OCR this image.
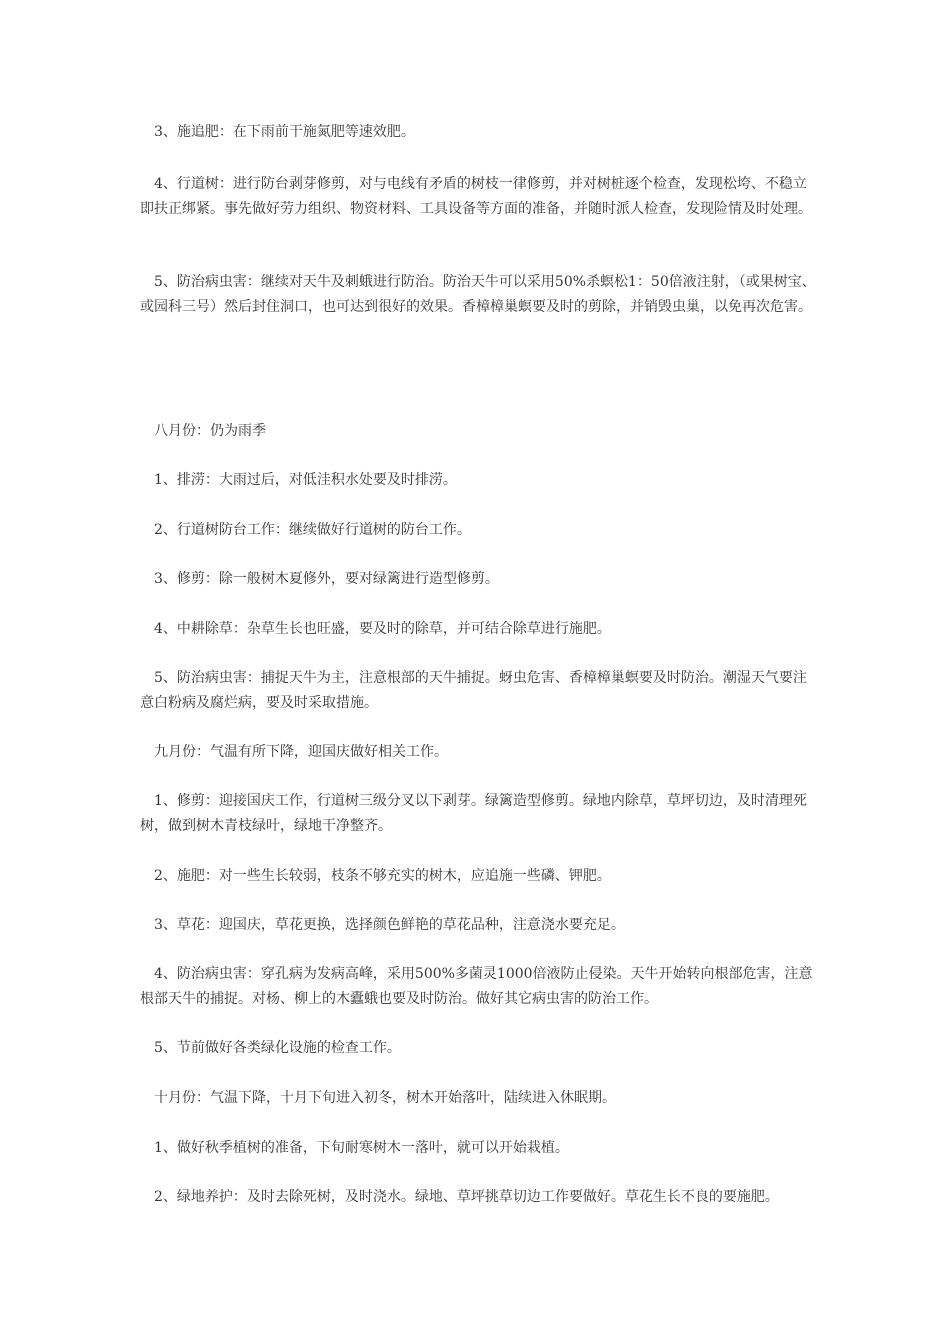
3、施追肥：在下雨前干施氮肥等速效肥。

4、行道树：进行防台剥芽修剪，对与电线有矛盾的树枝一律修剪，并对树桩逐个检查，发现松垮、不稳立即扶正绑紧。事先做好劳力组织、物资材料、工具设备等方面的准备，并随时派人检查，发现险情及时处理。

5、防治病虫害：继续对天牛及刺蛾进行防治。防治天牛可以采用50%杀螟松1：50倍液注射，（或果树宝、或园科三号）然后封住洞口，也可达到很好的效果。香樟樟巢螟要及时的剪除，并销毁虫巢，以免再次危害。

八月份：仍为雨季

1、排涝：大雨过后，对低洼积水处要及时排涝。

2、行道树防台工作：继续做好行道树的防台工作。

3、修剪：除一般树木夏修外，要对绿篱进行造型修剪。

4、中耕除草：杂草生长也旺盛，要及时的除草，并可结合除草进行施肥。

5、防治病虫害：捕捉天牛为主，注意根部的天牛捕捉。蚜虫危害、香樟樟巢螟要及时防治。潮湿天气要注意白粉病及腐烂病，要及时采取措施。

九月份：气温有所下降，迎国庆做好相关工作。

1、修剪：迎接国庆工作，行道树三级分叉以下剥芽。绿篱造型修剪。绿地内除草，草坪切边，及时清理死树，做到树木青枝绿叶，绿地干净整齐。

2、施肥：对一些生长较弱，枝条不够充实的树木，应追施一些磷、钾肥。

3、草花：迎国庆，草花更换，选择颜色鲜艳的草花品种，注意浇水要充足。

4、防治病虫害：穿孔病为发病高峰，采用500%多菌灵1000倍液防止侵染。天牛开始转向根部危害，注意根部天牛的捕捉。对杨、柳上的木蠹蛾也要及时防治。做好其它病虫害的防治工作。

5、节前做好各类绿化设施的检查工作。

十月份：气温下降，十月下旬进入初冬，树木开始落叶，陆续进入休眠期。

1、做好秋季植树的准备，下旬耐寒树木一落叶，就可以开始栽植。

2、绿地养护：及时去除死树，及时浇水。绿地、草坪挑草切边工作要做好。草花生长不良的要施肥。
